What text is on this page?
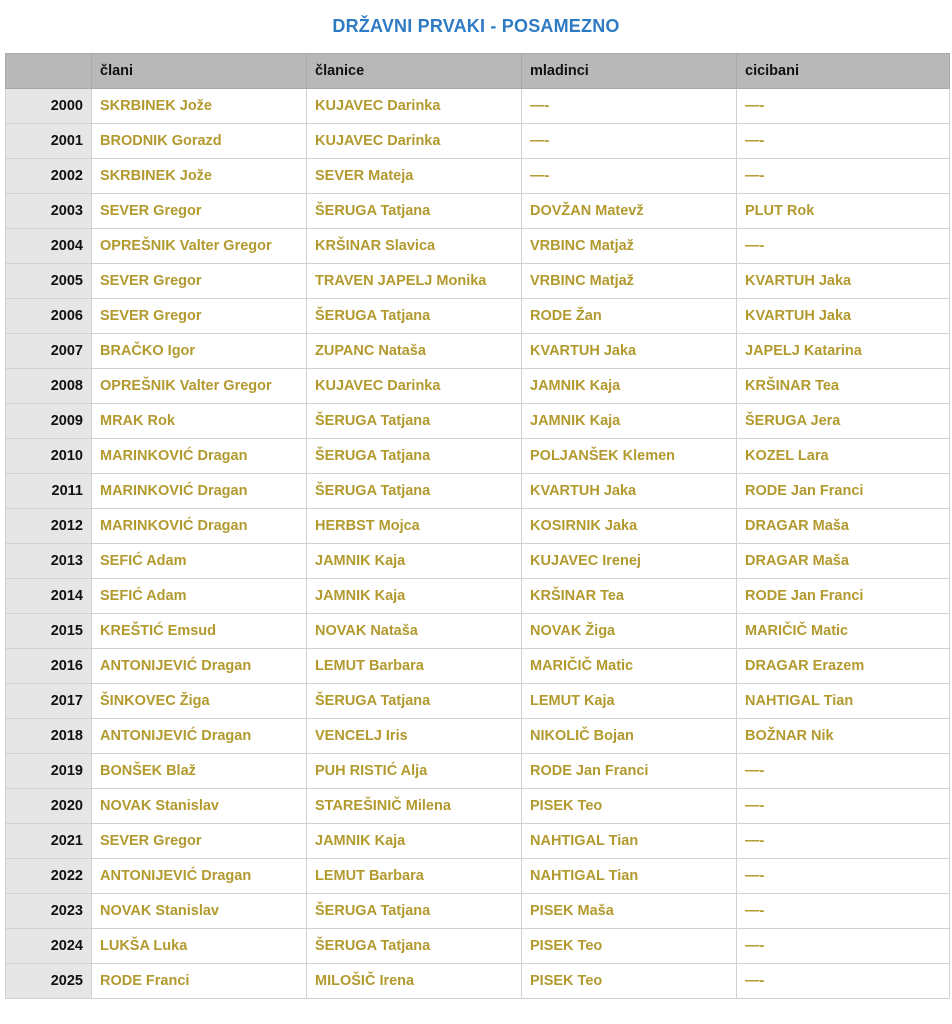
DRŽAVNI PRVAKI - POSAMEZNO
	člani	članice	mladinci	cicibani
2000	SKRBINEK Jože	KUJAVEC Darinka	—-	—-
2001	BRODNIK Gorazd	KUJAVEC Darinka	—-	—-
2002	SKRBINEK Jože	SEVER Mateja	—-	—-
2003	SEVER Gregor	ŠERUGA Tatjana	DOVŽAN Matevž	PLUT Rok
2004	OPREŠNIK Valter Gregor	KRŠINAR Slavica	VRBINC Matjaž	—-
2005	SEVER Gregor	TRAVEN JAPELJ Monika	VRBINC Matjaž	KVARTUH Jaka
2006	SEVER Gregor	ŠERUGA Tatjana	RODE Žan	KVARTUH Jaka
2007	BRAČKO Igor	ZUPANC Nataša	KVARTUH Jaka	JAPELJ Katarina
2008	OPREŠNIK Valter Gregor	KUJAVEC Darinka	JAMNIK Kaja	KRŠINAR Tea
2009	MRAK Rok	ŠERUGA Tatjana	JAMNIK Kaja	ŠERUGA Jera
2010	MARINKOVIĆ Dragan	ŠERUGA Tatjana	POLJANŠEK Klemen	KOZEL Lara
2011	MARINKOVIĆ Dragan	ŠERUGA Tatjana	KVARTUH Jaka	RODE Jan Franci
2012	MARINKOVIĆ Dragan	HERBST Mojca	KOSIRNIK Jaka	DRAGAR Maša
2013	SEFIĆ Adam	JAMNIK Kaja	KUJAVEC Irenej	DRAGAR Maša
2014	SEFIĆ Adam	JAMNIK Kaja	KRŠINAR Tea	RODE Jan Franci
2015	KREŠTIĆ Emsud	NOVAK Nataša	NOVAK Žiga	MARIČIČ Matic
2016	ANTONIJEVIĆ Dragan	LEMUT Barbara	MARIČIČ Matic	DRAGAR Erazem
2017	ŠINKOVEC Žiga	ŠERUGA Tatjana	LEMUT Kaja	NAHTIGAL Tian
2018	ANTONIJEVIĆ Dragan	VENCELJ Iris	NIKOLIČ Bojan	BOŽNAR Nik
2019	BONŠEK Blaž	PUH RISTIĆ Alja	RODE Jan Franci	—-
2020	NOVAK Stanislav	STAREŠINIČ Milena	PISEK Teo	—-
2021	SEVER Gregor	JAMNIK Kaja	NAHTIGAL Tian	—-
2022	ANTONIJEVIĆ Dragan	LEMUT Barbara	NAHTIGAL Tian	—-
2023	NOVAK Stanislav	ŠERUGA Tatjana	PISEK Maša	—-
2024	LUKŠA Luka	ŠERUGA Tatjana	PISEK Teo	—-
2025	RODE Franci	MILOŠIČ Irena	PISEK Teo	—-
